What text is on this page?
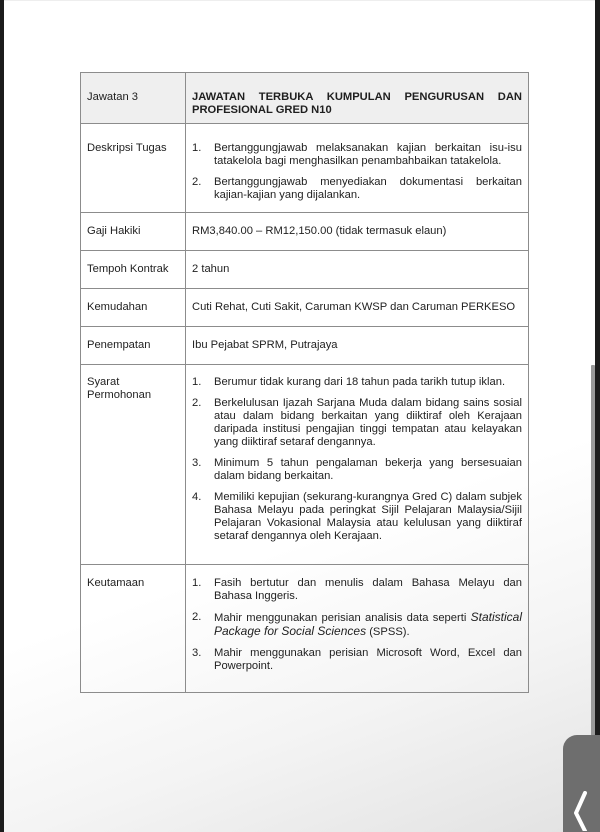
Jawatan 3	JAWATAN TERBUKA KUMPULAN PENGURUSAN DAN PROFESIONAL GRED N10
Deskripsi Tugas	1.	Bertanggungjawab melaksanakan kajian berkaitan isu-isu tatakelola bagi menghasilkan penambahbaikan tatakelola.
2.	Bertanggungjawab menyediakan dokumentasi berkaitan kajian-kajian yang dijalankan.

Gaji Hakiki	RM3,840.00 – RM12,150.00 (tidak termasuk elaun)
Tempoh Kontrak	2 tahun
Kemudahan	Cuti Rehat, Cuti Sakit, Caruman KWSP dan Caruman PERKESO
Penempatan	Ibu Pejabat SPRM, Putrajaya
Syarat Permohonan	
1.	Berumur tidak kurang dari 18 tahun pada tarikh tutup iklan.
2.	Berkelulusan Ijazah Sarjana Muda dalam bidang sains sosial atau dalam bidang berkaitan yang diiktiraf oleh Kerajaan daripada institusi pengajian tinggi tempatan atau kelayakan yang diiktiraf setaraf dengannya.
3.	Minimum 5 tahun pengalaman bekerja yang bersesuaian dalam bidang berkaitan.
4.	Memiliki kepujian (sekurang-kurangnya Gred C) dalam subjek Bahasa Melayu pada peringkat Sijil Pelajaran Malaysia/Sijil Pelajaran Vokasional Malaysia atau kelulusan yang diiktiraf setaraf dengannya oleh Kerajaan.

Keutamaan	1.	Fasih bertutur dan menulis dalam Bahasa Melayu dan Bahasa Inggeris.
2.	Mahir menggunakan perisian analisis data seperti Statistical Package for Social Sciences (SPSS).
3.	Mahir menggunakan perisian Microsoft Word, Excel dan Powerpoint.
